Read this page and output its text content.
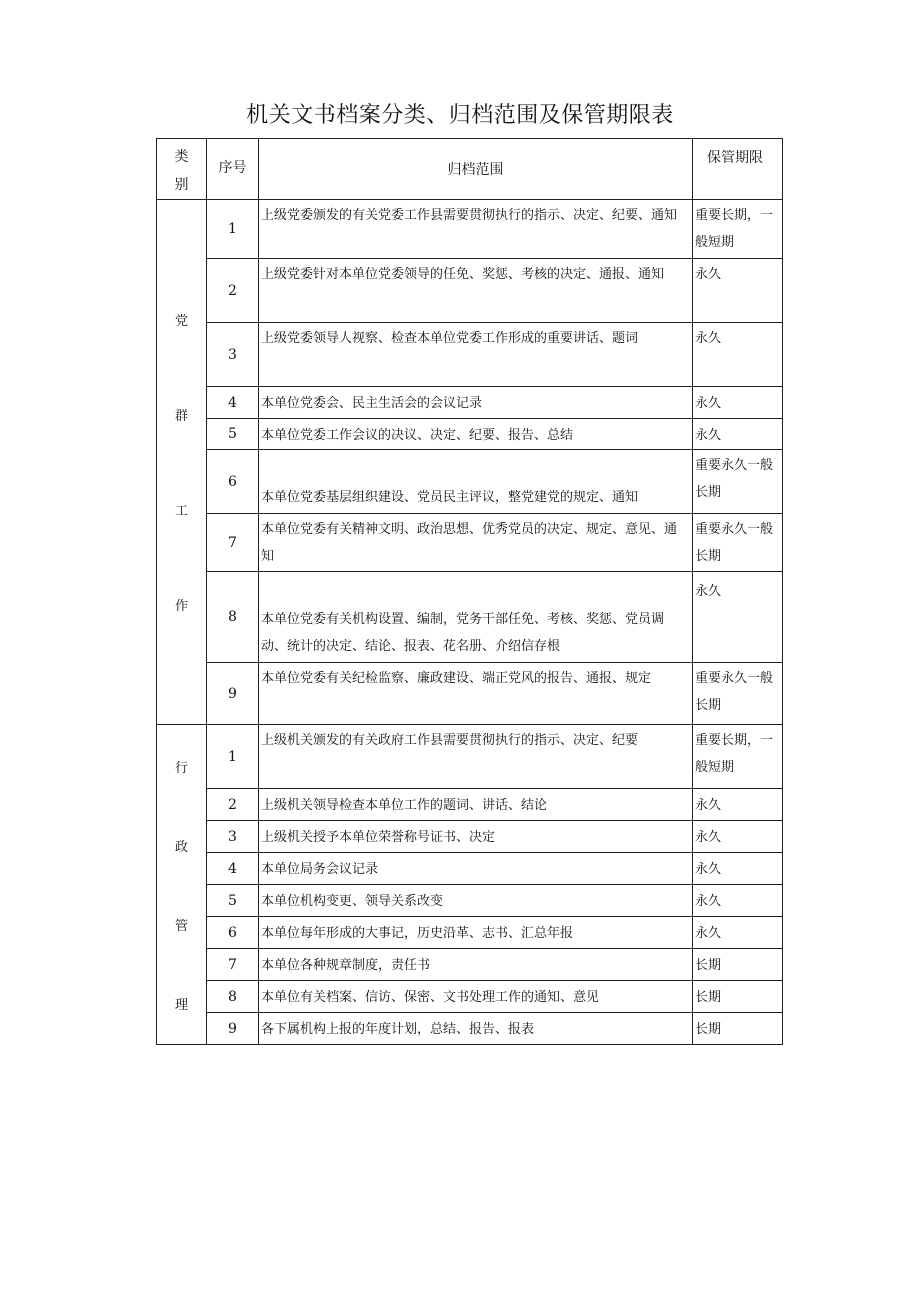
机关文书档案分类、归档范围及保管期限表
类别	序号	归档范围	保管期限

党
群
工
作	1	上级党委颁发的有关党委工作县需要贯彻执行的指示、决定、纪要、通知	重要长期，一般短期
	2	上级党委针对本单位党委领导的任免、奖惩、考核的决定、通报、通知	永久
	3	上级党委领导人视察、检查本单位党委工作形成的重要讲话、题词	永久
	4	本单位党委会、民主生活会的会议记录	永久
	5	本单位党委工作会议的决议、决定、纪要、报告、总结	永久
	6	本单位党委基层组织建设、党员民主评议，整党建党的规定、通知	重要永久一般长期
	7	本单位党委有关精神文明、政治思想、优秀党员的决定、规定、意见、通知	重要永久一般长期
	8	本单位党委有关机构设置、编制，党务干部任免、考核、奖惩、党员调动、统计的决定、结论、报表、花名册、介绍信存根	永久
	9	本单位党委有关纪检监察、廉政建设、端正党风的报告、通报、规定	重要永久一般长期

行
政
管
理	1	上级机关颁发的有关政府工作县需要贯彻执行的指示、决定、纪要	重要长期，一般短期
	2	上级机关领导检查本单位工作的题词、讲话、结论	永久
	3	上级机关授予本单位荣誉称号证书、决定	永久
	4	本单位局务会议记录	永久
	5	本单位机构变更、领导关系改变	永久
	6	本单位每年形成的大事记，历史沿革、志书、汇总年报	永久
	7	本单位各种规章制度，责任书	长期
	8	本单位有关档案、信访、保密、文书处理工作的通知、意见	长期
	9	各下属机构上报的年度计划，总结、报告、报表	长期
